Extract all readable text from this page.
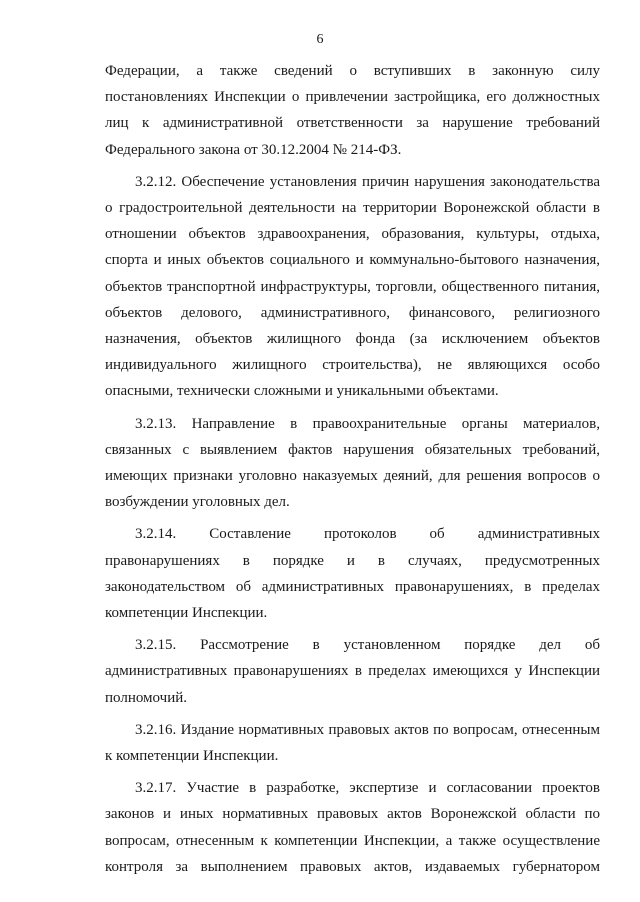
6

Федерации, а также сведений о вступивших в законную силу постановлениях Инспекции о привлечении застройщика, его должностных лиц к административной ответственности за нарушение требований Федерального закона от 30.12.2004 № 214-ФЗ.

3.2.12. Обеспечение установления причин нарушения законодательства о градостроительной деятельности на территории Воронежской области в отношении объектов здравоохранения, образования, культуры, отдыха, спорта и иных объектов социального и коммунально-бытового назначения, объектов транспортной инфраструктуры, торговли, общественного питания, объектов делового, административного, финансового, религиозного назначения, объектов жилищного фонда (за исключением объектов индивидуального жилищного строительства), не являющихся особо опасными, технически сложными и уникальными объектами.

3.2.13. Направление в правоохранительные органы материалов, связанных с выявлением фактов нарушения обязательных требований, имеющих признаки уголовно наказуемых деяний, для решения вопросов о возбуждении уголовных дел.

3.2.14. Составление протоколов об административных правонарушениях в порядке и в случаях, предусмотренных законодательством об административных правонарушениях, в пределах компетенции Инспекции.

3.2.15. Рассмотрение в установленном порядке дел об административных правонарушениях в пределах имеющихся у Инспекции полномочий.

3.2.16. Издание нормативных правовых актов по вопросам, отнесенным к компетенции Инспекции.

3.2.17. Участие в разработке, экспертизе и согласовании проектов законов и иных нормативных правовых актов Воронежской области по вопросам, отнесенным к компетенции Инспекции, а также осуществление контроля за выполнением правовых актов, издаваемых губернатором
